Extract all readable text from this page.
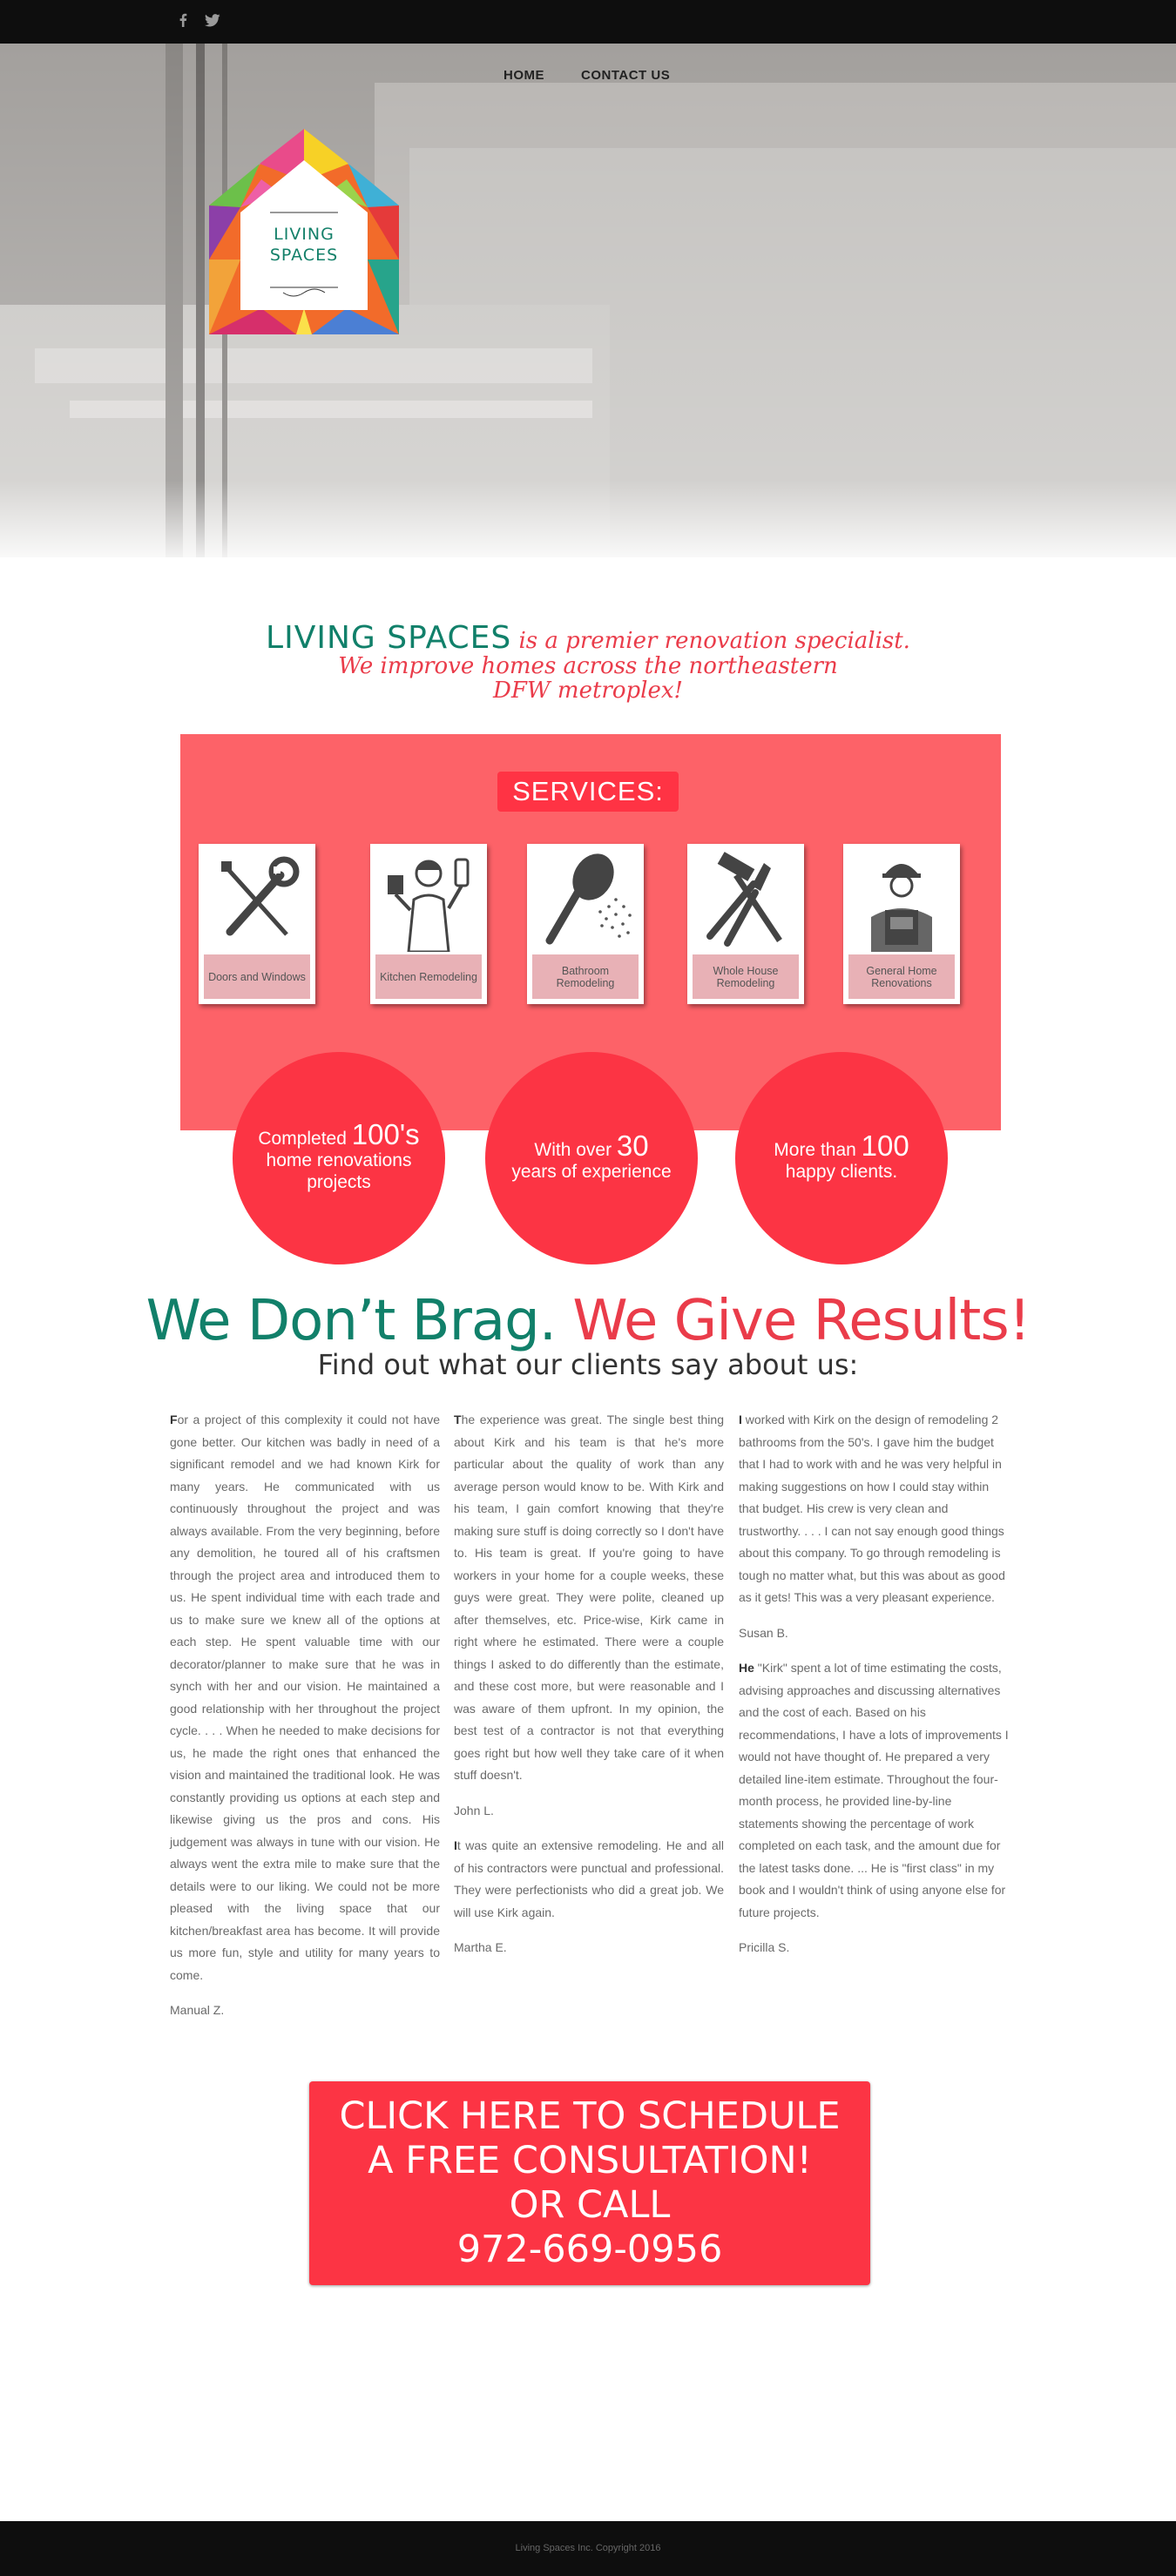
HOME	CONTACT US
LIVING
SPACES
LIVING SPACES is a premier renovation specialist.
We improve homes across the northeastern
DFW metroplex!
SERVICES:
Doors and Windows	Kitchen Remodeling	Bathroom Remodeling
Whole House Remodeling
General Home Renovations
Completed 100's
home renovations
projects
With over 30
years of experience
More than 100
happy clients.
We Don’t Brag. We Give Results!
Find out what our clients say about us:

For a project of this complexity it could not have gone better. Our kitchen was badly in need of a significant remodel and we had known Kirk for many years. He communicated with us continuously throughout the project and was always available. From the very beginning, before any demolition, he toured all of his craftsmen through the project area and introduced them to us. He spent individual time with each trade and us to make sure we knew all of the options at each step. He spent valuable time with our decorator/planner to make sure that he was in synch with her and our vision. He maintained a good relationship with her throughout the project cycle. . . . When he needed to make decisions for us, he made the right ones that enhanced the vision and maintained the traditional look. He was constantly providing us options at each step and likewise giving us the pros and cons. His judgement was always in tune with our vision. He always went the extra mile to make sure that the details were to our liking. We could not be more pleased with the living space that our kitchen/breakfast area has become. It will provide us more fun, style and utility for many years to come.

Manual Z.

The experience was great. The single best thing about Kirk and his team is that he's more particular about the quality of work than any average person would know to be. With Kirk and his team, I gain comfort knowing that they're making sure stuff is doing correctly so I don't have to. His team is great. If you're going to have workers in your home for a couple weeks, these guys were great. They were polite, cleaned up after themselves, etc. Price-wise, Kirk came in right where he estimated. There were a couple things I asked to do differently than the estimate, and these cost more, but were reasonable and I was aware of them upfront. In my opinion, the best test of a contractor is not that everything goes right but how well they take care of it when stuff doesn't.

John L.

It was quite an extensive remodeling. He and all of his contractors were punctual and professional. They were perfectionists who did a great job. We will use Kirk again.

Martha E.

I worked with Kirk on the design of remodeling 2 bathrooms from the 50's. I gave him the budget that I had to work with and he was very helpful in making suggestions on how I could stay within that budget. His crew is very clean and trustworthy. . . . I can not say enough good things about this company. To go through remodeling is tough no matter what, but this was about as good as it gets! This was a very pleasant experience.

Susan B.

He "Kirk" spent a lot of time estimating the costs, advising approaches and discussing alternatives and the cost of each. Based on his recommendations, I have a lots of improvements I would not have thought of. He prepared a very detailed line-item estimate. Throughout the four-month process, he provided line-by-line statements showing the percentage of work completed on each task, and the amount due for the latest tasks done. ... He is "first class" in my book and I wouldn't think of using anyone else for future projects.

Pricilla S.

CLICK HERE TO SCHEDULE
A FREE CONSULTATION!
OR CALL
972-669-0956
Living Spaces Inc. Copyright 2016
